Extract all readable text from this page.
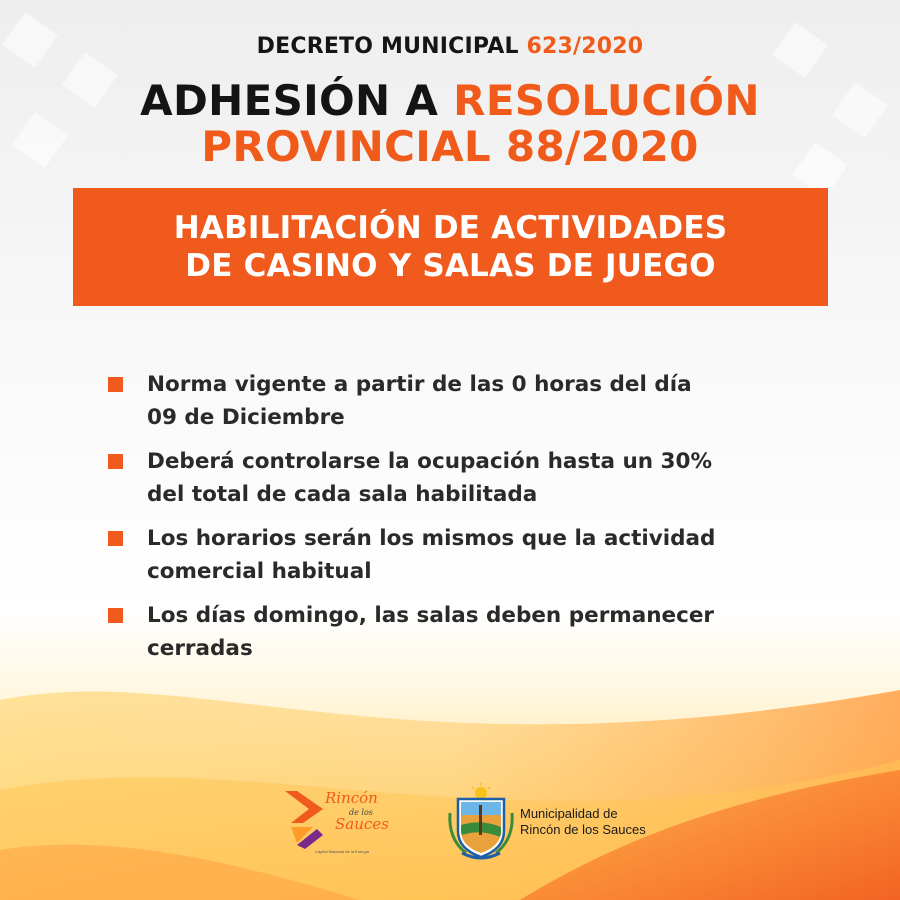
DECRETO MUNICIPAL 623/2020
ADHESIÓN A RESOLUCIÓN
PROVINCIAL 88/2020
HABILITACIÓN DE ACTIVIDADES
DE CASINO Y SALAS DE JUEGO
Norma vigente a partir de las 0 horas del día
09 de Diciembre
Deberá controlarse la ocupación hasta un 30%
del total de cada sala habilitada
Los horarios serán los mismos que la actividad
comercial habitual
Los días domingo, las salas deben permanecer
cerradas
Rincón
de los
Sauces
Capital Nacional de la Energía
Municipalidad de
Rincón de los Sauces
